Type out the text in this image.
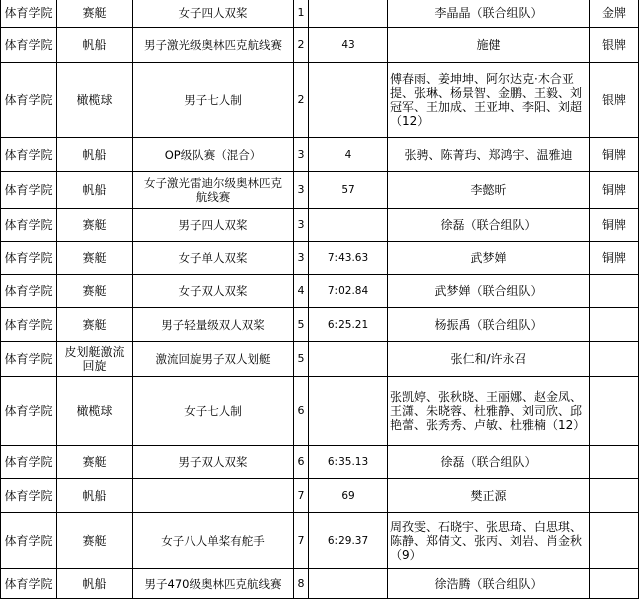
体育学院	赛艇	女子四人双桨	1		李晶晶（联合组队）	金牌
体育学院	帆船	男子激光级奥林匹克航线赛	2	43	施健	银牌
体育学院	橄榄球	男子七人制	2		傅春雨、姜坤坤、阿尔达克·木合亚提、张琳、杨景智、金鹏、王毅、刘冠军、王加成、王亚坤、李阳、刘超（12）	银牌
体育学院	帆船	OP级队赛（混合）	3	4	张骋、陈菁玙、郑鸿宇、温雅迪	铜牌
体育学院	帆船	女子激光雷迪尔级奥林匹克　 航线赛	3	57	李懿昕	铜牌
体育学院	赛艇	男子四人双桨	3		徐磊（联合组队）	铜牌
体育学院	赛艇	女子单人双桨	3	7:43.63	武梦婵	铜牌
体育学院	赛艇	女子双人双桨	4	7:02.84	武梦婵（联合组队）	
体育学院	赛艇	男子轻量级双人双桨	5	6:25.21	杨振禹（联合组队）	
体育学院	皮划艇激流回旋	激流回旋男子双人划艇	5		张仁和/许永召	
体育学院	橄榄球	女子七人制	6		张凯婷、张秋晓、王丽娜、赵金凤、王潇、朱晓蓉、杜雅静、刘司欣、邱艳蕾、张秀秀、卢敏、杜雅楠（12）	
体育学院	赛艇	男子双人双桨	6	6:35.13	徐磊（联合组队）	
体育学院	帆船		7	69	樊正源	
体育学院	赛艇	女子八人单桨有舵手	7	6:29.37	周孜雯、石晓宇、张思琦、白思琪、陈静、郑倩文、张丙、刘岩、肖金秋（9）	
体育学院	帆船	男子470级奥林匹克航线赛	8		徐浩腾（联合组队）	
